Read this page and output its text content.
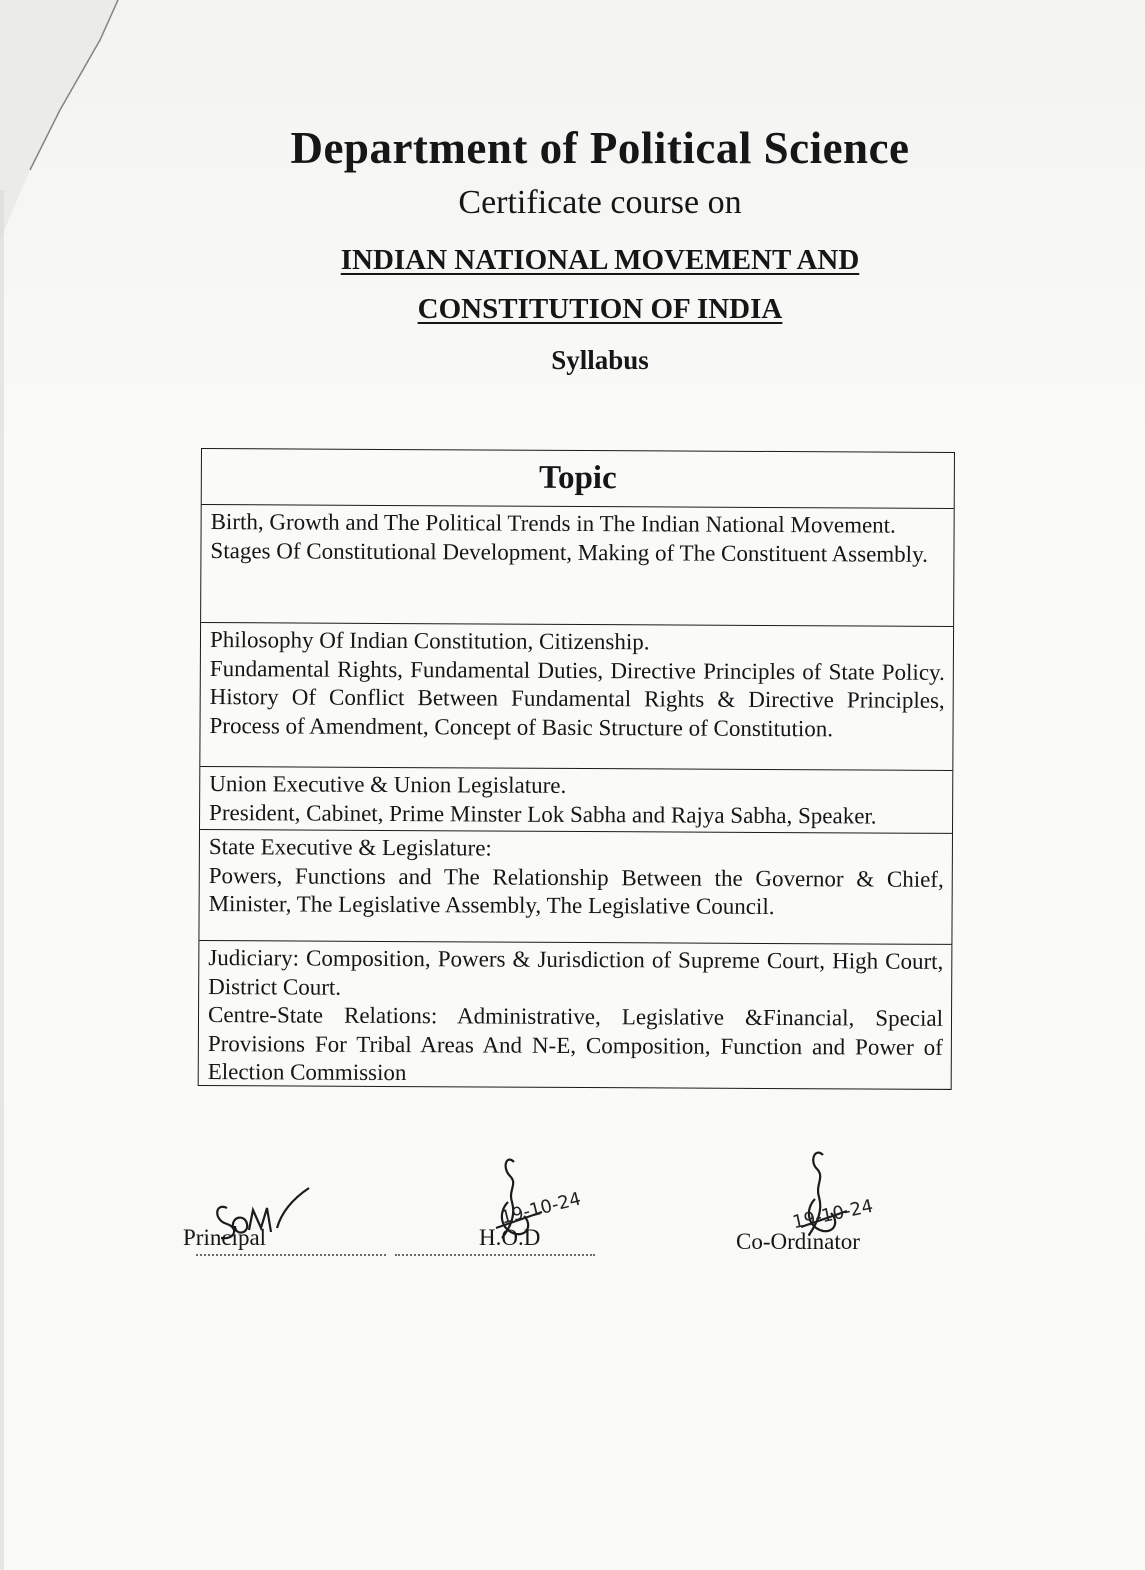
Department of Political Science
Certificate course on
INDIAN NATIONAL MOVEMENT AND
CONSTITUTION OF INDIA
Syllabus
Topic

Birth, Growth and The Political Trends in The Indian National Movement.

Stages Of Constitutional Development, Making of The Constituent Assembly.

Philosophy Of Indian Constitution, Citizenship.

Fundamental Rights, Fundamental Duties, Directive Principles of State Policy. History Of Conflict Between Fundamental Rights & Directive Principles, Process of Amendment, Concept of Basic Structure of Constitution.

Union Executive & Union Legislature.

President, Cabinet, Prime Minster Lok Sabha and Rajya Sabha, Speaker.

State Executive & Legislature:

Powers, Functions and The Relationship Between the Governor & Chief, Minister, The Legislative Assembly, The Legislative Council.

Judiciary: Composition, Powers & Jurisdiction of Supreme Court, High Court, District Court.

Centre-State Relations: Administrative, Legislative &Financial, Special Provisions For Tribal Areas And N-E, Composition, Function and Power of Election Commission

Principal
19-10-24
H.O.D
19-10-24
Co-Ordinator
